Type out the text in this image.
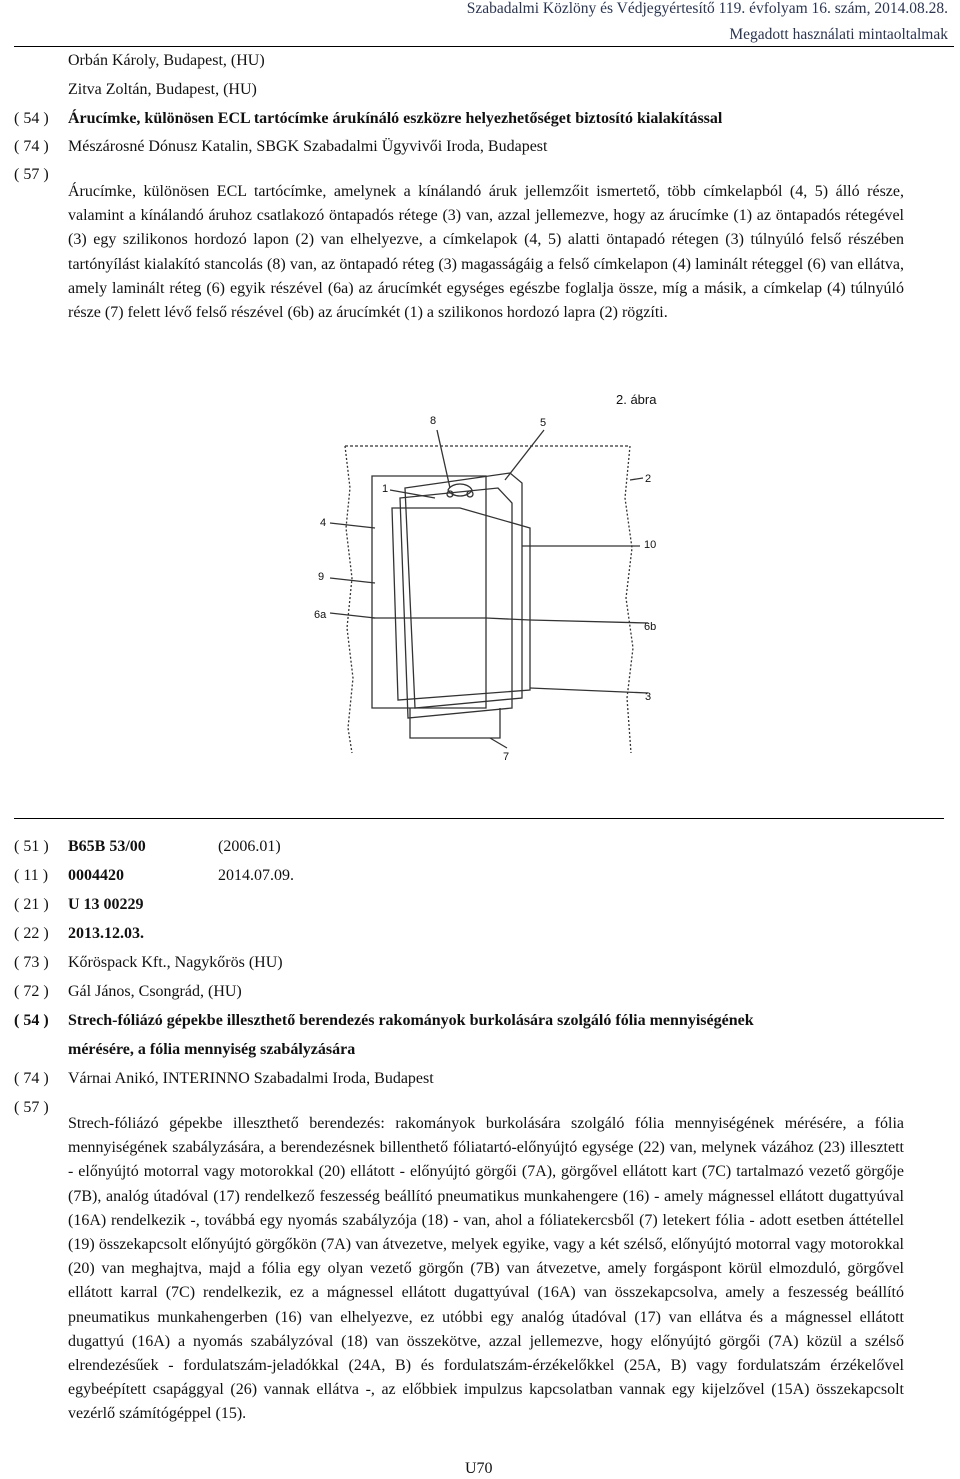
Szabadalmi Közlöny és Védjegyértesítő 119. évfolyam 16. szám, 2014.08.28.
Megadott használati mintaoltalmak
Orbán Károly, Budapest, (HU)
Zitva Zoltán, Budapest, (HU)
( 54 ) Árucímke, különösen ECL tartócímke árukínáló eszközre helyezhetőséget biztosító kialakítással
( 74 ) Mészárosné Dónusz Katalin, SBGK Szabadalmi Ügyvivői Iroda, Budapest
( 57 )

Árucímke, különösen ECL tartócímke, amelynek a kínálandó áruk jellemzőit ismertető, több címkelapból (4, 5) álló része, valamint a kínálandó áruhoz csatlakozó öntapadós rétege (3) van, azzal jellemezve, hogy az árucímke (1) az öntapadós rétegével (3) egy szilikonos hordozó lapon (2) van elhelyezve, a címkelapok (4, 5) alatti öntapadó rétegen (3) túlnyúló felső részében tartónyílást kialakító stancolás (8) van, az öntapadó réteg (3) magasságáig a felső címkelapon (4) laminált réteggel (6) van ellátva, amely laminált réteg (6) egyik részével (6a) az árucímkét egységes egészbe foglalja össze, míg a másik, a címkelap (4) túlnyúló része (7) felett lévő felső részével (6b) az árucímkét (1) a szilikonos hordozó lapra (2) rögzíti.

2. ábra
8	5
1
2
4
10
9
6a
6b
3
7
( 51 ) B65B 53/00	(2006.01)
( 11 ) 0004420	2014.07.09.
( 21 ) U 13 00229
( 22 ) 2013.12.03.
( 73 ) Kőröspack Kft., Nagykőrös (HU)
( 72 ) Gál János, Csongrád, (HU)
( 54 ) Strech-fóliázó gépekbe illeszthető berendezés rakományok burkolására szolgáló fólia mennyiségének
mérésére, a fólia mennyiség szabályzására
( 74 ) Várnai Anikó, INTERINNO Szabadalmi Iroda, Budapest
( 57 )

Strech-fóliázó gépekbe illeszthető berendezés: rakományok burkolására szolgáló fólia mennyiségének mérésére, a fólia mennyiségének szabályzására, a berendezésnek billenthető fóliatartó-előnyújtó egysége (22) van, melynek vázához (23) illesztett - előnyújtó motorral vagy motorokkal (20) ellátott - előnyújtó görgői (7A), görgővel ellátott kart (7C) tartalmazó vezető görgője (7B), analóg útadóval (17) rendelkező feszesség beállító pneumatikus munkahengere (16) - amely mágnessel ellátott dugattyúval (16A) rendelkezik -, továbbá egy nyomás szabályzója (18) - van, ahol a fóliatekercsből (7) letekert fólia - adott esetben áttétellel (19) összekapcsolt előnyújtó görgőkön (7A) van átvezetve, melyek egyike, vagy a két szélső, előnyújtó motorral vagy motorokkal (20) van meghajtva, majd a fólia egy olyan vezető görgőn (7B) van átvezetve, amely forgáspont körül elmozduló, görgővel ellátott karral (7C) rendelkezik, ez a mágnessel ellátott dugattyúval (16A) van összekapcsolva, amely a feszesség beállító pneumatikus munkahengerben (16) van elhelyezve, ez utóbbi egy analóg útadóval (17) van ellátva és a mágnessel ellátott dugattyú (16A) a nyomás szabályzóval (18) van összekötve, azzal jellemezve, hogy előnyújtó görgői (7A) közül a szélső elrendezésűek - fordulatszám-jeladókkal (24A, B) és fordulatszám-érzékelőkkel (25A, B) vagy fordulatszám érzékelővel egybeépített csapággyal (26) vannak ellátva -, az előbbiek impulzus kapcsolatban vannak egy kijelzővel (15A) összekapcsolt vezérlő számítógéppel (15).

U70
